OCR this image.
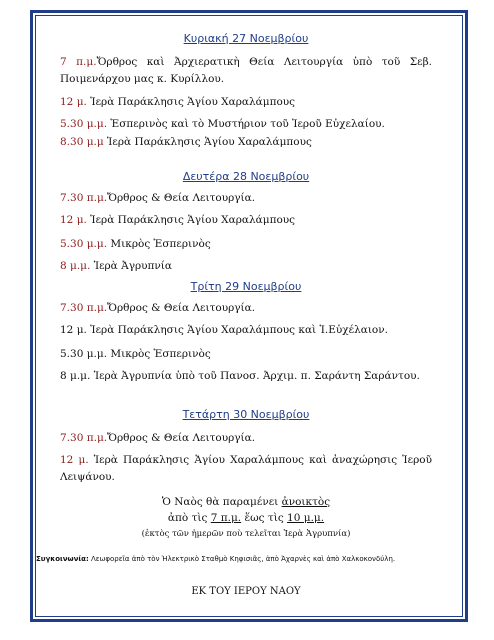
Κυριακή 27 Νοεμβρίου
7 π.μ.Ὄρθρος καὶ Ἀρχιερατικὴ Θεία Λειτουργία ὑπὸ τοῦ Σεβ. Ποιμενάρχου μας κ. Κυρίλλου.
12 μ. Ἱερὰ Παράκλησις Ἁγίου Χαραλάμπους
5.30 μ.μ. Ἑσπερινὸς καὶ τὸ Μυστήριον τοῦ Ἱεροῦ Εὐχελαίου.
8.30 μ.μ Ἱερὰ Παράκλησις Ἁγίου Χαραλάμπους
Δευτέρα 28 Νοεμβρίου
7.30 π.μ.Ὄρθρος & Θεία Λειτουργία.
12 μ. Ἱερὰ Παράκλησις Ἁγίου Χαραλάμπους
5.30 μ.μ. Μικρὸς Ἑσπερινὸς
8 μ.μ. Ἱερὰ Ἀγρυπνία
Τρίτη 29 Νοεμβρίου
7.30 π.μ.Ὄρθρος & Θεία Λειτουργία.
12 μ. Ἱερὰ Παράκλησις Ἁγίου Χαραλάμπους καὶ Ἱ.Εὐχέλαιον.
5.30 μ.μ. Μικρὸς Ἑσπερινὸς
8 μ.μ. Ἱερὰ Ἀγρυπνία ὑπὸ τοῦ Πανοσ. Ἀρχιμ. π. Σαράντη Σαράντου.
Τετάρτη 30 Νοεμβρίου
7.30 π.μ.Ὄρθρος & Θεία Λειτουργία.
12 μ. Ἱερὰ Παράκλησις Ἁγίου Χαραλάμπους καὶ ἀναχώρησις Ἱεροῦ Λειψάνου.
Ὁ Ναὸς θὰ παραμένει ἀνοικτὸς
ἀπὸ τὶς 7 π.μ. ἕως τὶς 10 μ.μ.
(ἐκτὸς τῶν ἡμερῶν ποὺ τελεῖται Ἱερὰ Ἀγρυπνία)
Συγκοινωνία: Λεωφορεῖα ἀπὸ τὸν Ἠλεκτρικὸ Σταθμὸ Κηφισιᾶς, ἀπὸ Ἀχαρνὲς καὶ ἀπὸ Χαλκοκονδύλη.
ΕΚ ΤΟΥ ΙΕΡΟΥ ΝΑΟΥ
